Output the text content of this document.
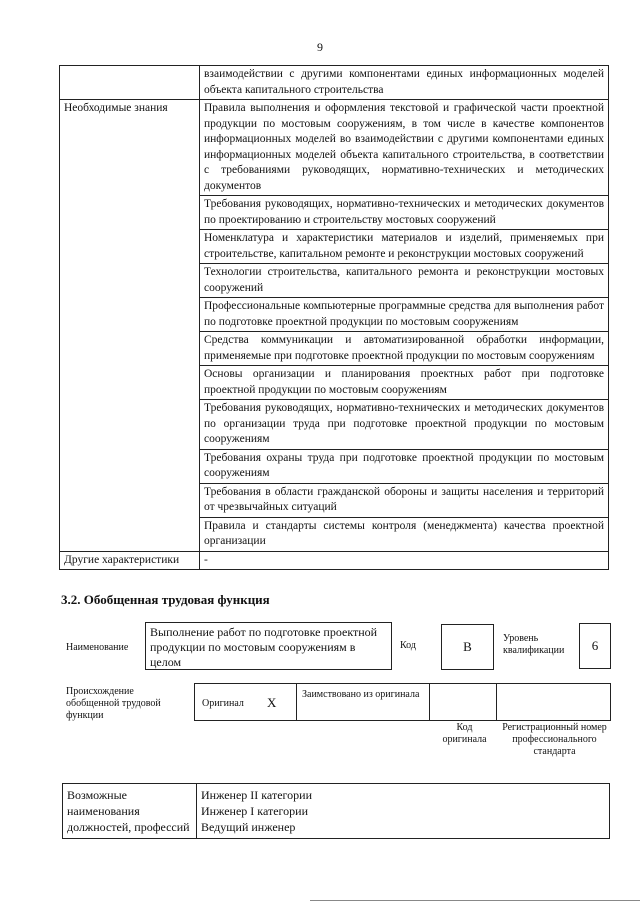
9
	взаимодействии с другими компонентами единых информационных моделей объекта капитального строительства
Необходимые знания	Правила выполнения и оформления текстовой и графической части проектной продукции по мостовым сооружениям, в том числе в качестве компонентов информационных моделей во взаимодействии с другими компонентами единых информационных моделей объекта капитального строительства, в соответствии с требованиями руководящих, нормативно-технических и методических документов
	Требования руководящих, нормативно-технических и методических документов по проектированию и строительству мостовых сооружений
	Номенклатура и характеристики материалов и изделий, применяемых при строительстве, капитальном ремонте и реконструкции мостовых сооружений
	Технологии строительства, капитального ремонта и реконструкции мостовых сооружений
	Профессиональные компьютерные программные средства для выполнения работ по подготовке проектной продукции по мостовым сооружениям
	Средства коммуникации и автоматизированной обработки информации, применяемые при подготовке проектной продукции по мостовым сооружениям
	Основы организации и планирования проектных работ при подготовке проектной продукции по мостовым сооружениям
	Требования руководящих, нормативно-технических и методических документов по организации труда при подготовке проектной продукции по мостовым сооружениям
	Требования охраны труда при подготовке проектной продукции по мостовым сооружениям
	Требования в области гражданской обороны и защиты населения и территорий от чрезвычайных ситуаций
	Правила и стандарты системы контроля (менеджмента) качества проектной организации
Другие характеристики	-
3.2. Обобщенная трудовая функция
Наименование
Выполнение работ по подготовке проектной продукции по мостовым сооружениям в целом
Код	B
Уровень квалификации	6
Происхождение обобщенной трудовой функции
Оригинал X
Заимствовано из оригинала
Код оригинала
Регистрационный номер профессионального стандарта
Возможные наименования должностей, профессий	
Инженер II категории
Инженер I категории
Ведущий инженер
